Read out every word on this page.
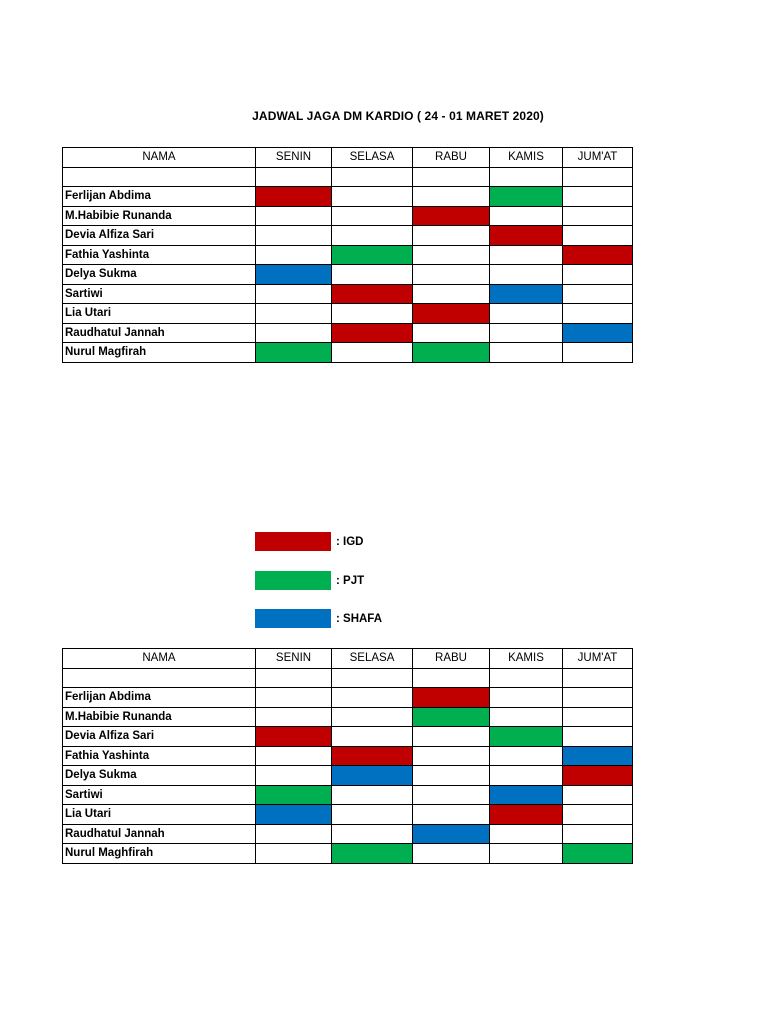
JADWAL JAGA DM KARDIO ( 24 - 01 MARET 2020)
NAMA	SENIN	SELASA	RABU	KAMIS	JUM'AT

Ferlijan Abdima					
M.Habibie Runanda					
Devia Alfiza Sari					
Fathia Yashinta					
Delya Sukma					
Sartiwi					
Lia Utari					
Raudhatul Jannah					
Nurul Magfirah					
: IGD
: PJT
: SHAFA
NAMA	SENIN	SELASA	RABU	KAMIS	JUM'AT

Ferlijan Abdima					
M.Habibie Runanda					
Devia Alfiza Sari					
Fathia Yashinta					
Delya Sukma					
Sartiwi					
Lia Utari					
Raudhatul Jannah					
Nurul Maghfirah					
